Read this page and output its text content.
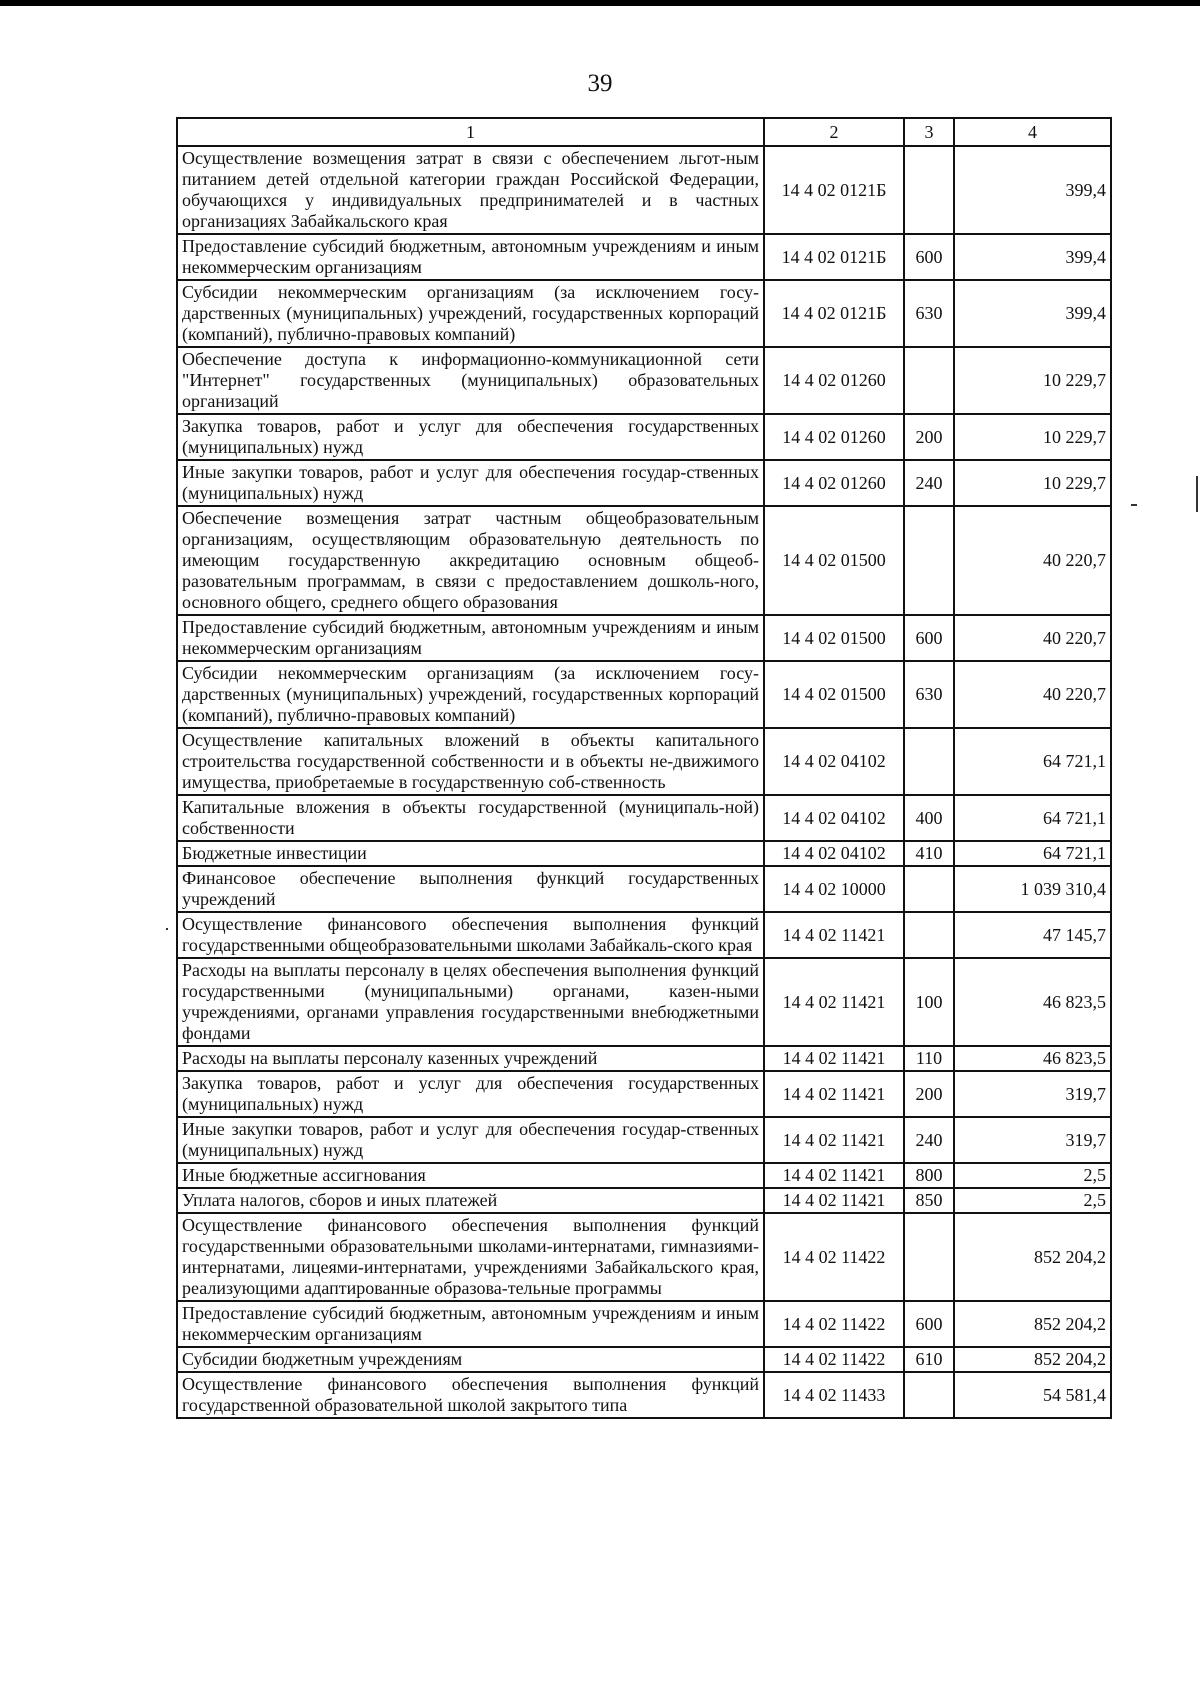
39
1	2	3	4
Осуществление возмещения затрат в связи с обеспечением льгот-ным питанием детей отдельной категории граждан Российской Федерации, обучающихся у индивидуальных предпринимателей и в частных организациях Забайкальского края	14 4 02 0121Б		399,4
Предоставление субсидий бюджетным, автономным учреждениям и иным некоммерческим организациям	14 4 02 0121Б	600	399,4
Субсидии некоммерческим организациям (за исключением госу-дарственных (муниципальных) учреждений, государственных корпораций (компаний), публично-правовых компаний)	14 4 02 0121Б	630	399,4
Обеспечение доступа к информационно-коммуникационной сети "Интернет" государственных (муниципальных) образовательных организаций	14 4 02 01260		10 229,7
Закупка товаров, работ и услуг для обеспечения государственных (муниципальных) нужд	14 4 02 01260	200	10 229,7
Иные закупки товаров, работ и услуг для обеспечения государ-ственных (муниципальных) нужд	14 4 02 01260	240	10 229,7
Обеспечение возмещения затрат частным общеобразовательным организациям, осуществляющим образовательную деятельность по имеющим государственную аккредитацию основным общеоб-разовательным программам, в связи с предоставлением дошколь-ного, основного общего, среднего общего образования	14 4 02 01500		40 220,7
Предоставление субсидий бюджетным, автономным учреждениям и иным некоммерческим организациям	14 4 02 01500	600	40 220,7
Субсидии некоммерческим организациям (за исключением госу-дарственных (муниципальных) учреждений, государственных корпораций (компаний), публично-правовых компаний)	14 4 02 01500	630	40 220,7
Осуществление капитальных вложений в объекты капитального строительства государственной собственности и в объекты не-движимого имущества, приобретаемые в государственную соб-ственность	14 4 02 04102		64 721,1
Капитальные вложения в объекты государственной (муниципаль-ной) собственности	14 4 02 04102	400	64 721,1
Бюджетные инвестиции	14 4 02 04102	410	64 721,1
Финансовое обеспечение выполнения функций государственных учреждений	14 4 02 10000		1 039 310,4
Осуществление финансового обеспечения выполнения функций государственными общеобразовательными школами Забайкаль-ского края	14 4 02 11421		47 145,7
Расходы на выплаты персоналу в целях обеспечения выполнения функций государственными (муниципальными) органами, казен-ными учреждениями, органами управления государственными внебюджетными фондами	14 4 02 11421	100	46 823,5
Расходы на выплаты персоналу казенных учреждений	14 4 02 11421	110	46 823,5
Закупка товаров, работ и услуг для обеспечения государственных (муниципальных) нужд	14 4 02 11421	200	319,7
Иные закупки товаров, работ и услуг для обеспечения государ-ственных (муниципальных) нужд	14 4 02 11421	240	319,7
Иные бюджетные ассигнования	14 4 02 11421	800	2,5
Уплата налогов, сборов и иных платежей	14 4 02 11421	850	2,5
Осуществление финансового обеспечения выполнения функций государственными образовательными школами-интернатами, гимназиями-интернатами, лицеями-интернатами, учреждениями Забайкальского края, реализующими адаптированные образова-тельные программы	14 4 02 11422		852 204,2
Предоставление субсидий бюджетным, автономным учреждениям и иным некоммерческим организациям	14 4 02 11422	600	852 204,2
Субсидии бюджетным учреждениям	14 4 02 11422	610	852 204,2
Осуществление финансового обеспечения выполнения функций государственной образовательной школой закрытого типа	14 4 02 11433		54 581,4
